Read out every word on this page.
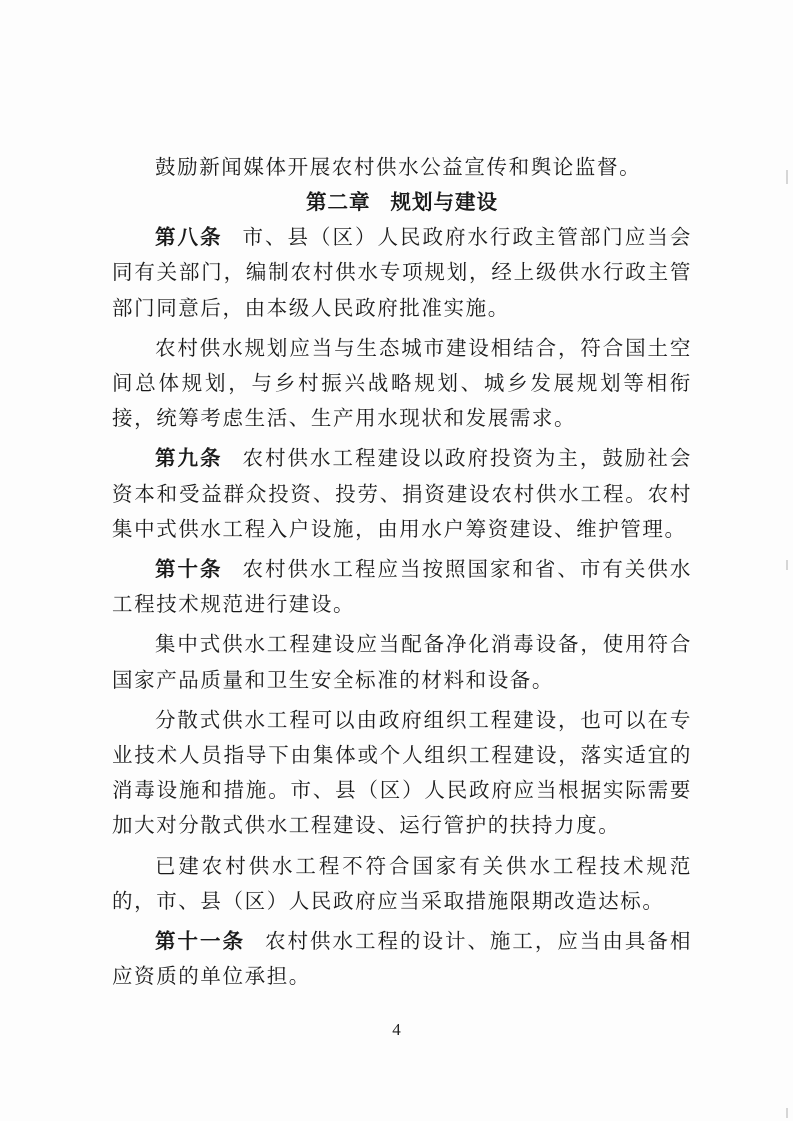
鼓励新闻媒体开展农村供水公益宣传和舆论监督。

第二章 规划与建设

第八条 市、县（区）人民政府水行政主管部门应当会同有关部门，编制农村供水专项规划，经上级供水行政主管部门同意后，由本级人民政府批准实施。

农村供水规划应当与生态城市建设相结合，符合国土空间总体规划，与乡村振兴战略规划、城乡发展规划等相衔接，统筹考虑生活、生产用水现状和发展需求。

第九条 农村供水工程建设以政府投资为主，鼓励社会资本和受益群众投资、投劳、捐资建设农村供水工程。农村集中式供水工程入户设施，由用水户筹资建设、维护管理。

第十条 农村供水工程应当按照国家和省、市有关供水工程技术规范进行建设。

集中式供水工程建设应当配备净化消毒设备，使用符合国家产品质量和卫生安全标准的材料和设备。

分散式供水工程可以由政府组织工程建设，也可以在专业技术人员指导下由集体或个人组织工程建设，落实适宜的消毒设施和措施。市、县（区）人民政府应当根据实际需要加大对分散式供水工程建设、运行管护的扶持力度。

已建农村供水工程不符合国家有关供水工程技术规范的，市、县（区）人民政府应当采取措施限期改造达标。

第十一条 农村供水工程的设计、施工，应当由具备相应资质的单位承担。

4
